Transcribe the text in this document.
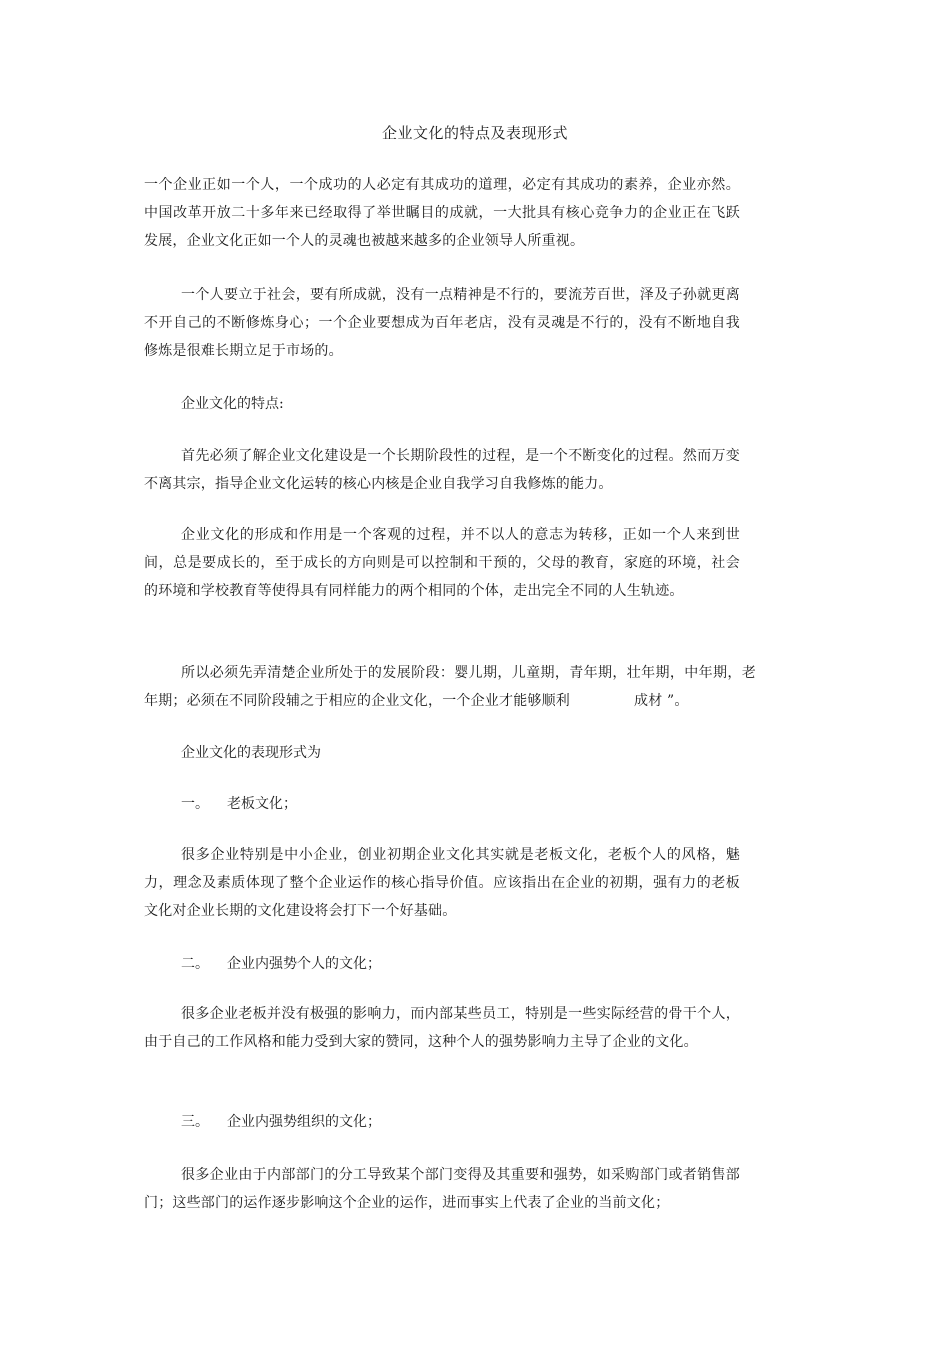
企业文化的特点及表现形式
一个企业正如一个人，一个成功的人必定有其成功的道理，必定有其成功的素养，企业亦然。中国改革开放二十多年来已经取得了举世瞩目的成就，一大批具有核心竞争力的企业正在飞跃发展，企业文化正如一个人的灵魂也被越来越多的企业领导人所重视。
一个人要立于社会，要有所成就，没有一点精神是不行的，要流芳百世，泽及子孙就更离不开自己的不断修炼身心；一个企业要想成为百年老店，没有灵魂是不行的，没有不断地自我修炼是很难长期立足于市场的。
企业文化的特点:
首先必须了解企业文化建设是一个长期阶段性的过程，是一个不断变化的过程。然而万变不离其宗，指导企业文化运转的核心内核是企业自我学习自我修炼的能力。
企业文化的形成和作用是一个客观的过程，并不以人的意志为转移，正如一个人来到世间，总是要成长的，至于成长的方向则是可以控制和干预的，父母的教育，家庭的环境，社会的环境和学校教育等使得具有同样能力的两个相同的个体，走出完全不同的人生轨迹。
所以必须先弄清楚企业所处于的发展阶段：婴儿期，儿童期，青年期，壮年期，中年期，老年期；必须在不同阶段辅之于相应的企业文化，一个企业才能够顺利	成材 ”。
企业文化的表现形式为
一。 老板文化；
很多企业特别是中小企业，创业初期企业文化其实就是老板文化，老板个人的风格，魅力，理念及素质体现了整个企业运作的核心指导价值。应该指出在企业的初期，强有力的老板文化对企业长期的文化建设将会打下一个好基础。
二。 企业内强势个人的文化；
很多企业老板并没有极强的影响力，而内部某些员工，特别是一些实际经营的骨干个人，由于自己的工作风格和能力受到大家的赞同，这种个人的强势影响力主导了企业的文化。
三。 企业内强势组织的文化；
很多企业由于内部部门的分工导致某个部门变得及其重要和强势，如采购部门或者销售部门；这些部门的运作逐步影响这个企业的运作，进而事实上代表了企业的当前文化；
